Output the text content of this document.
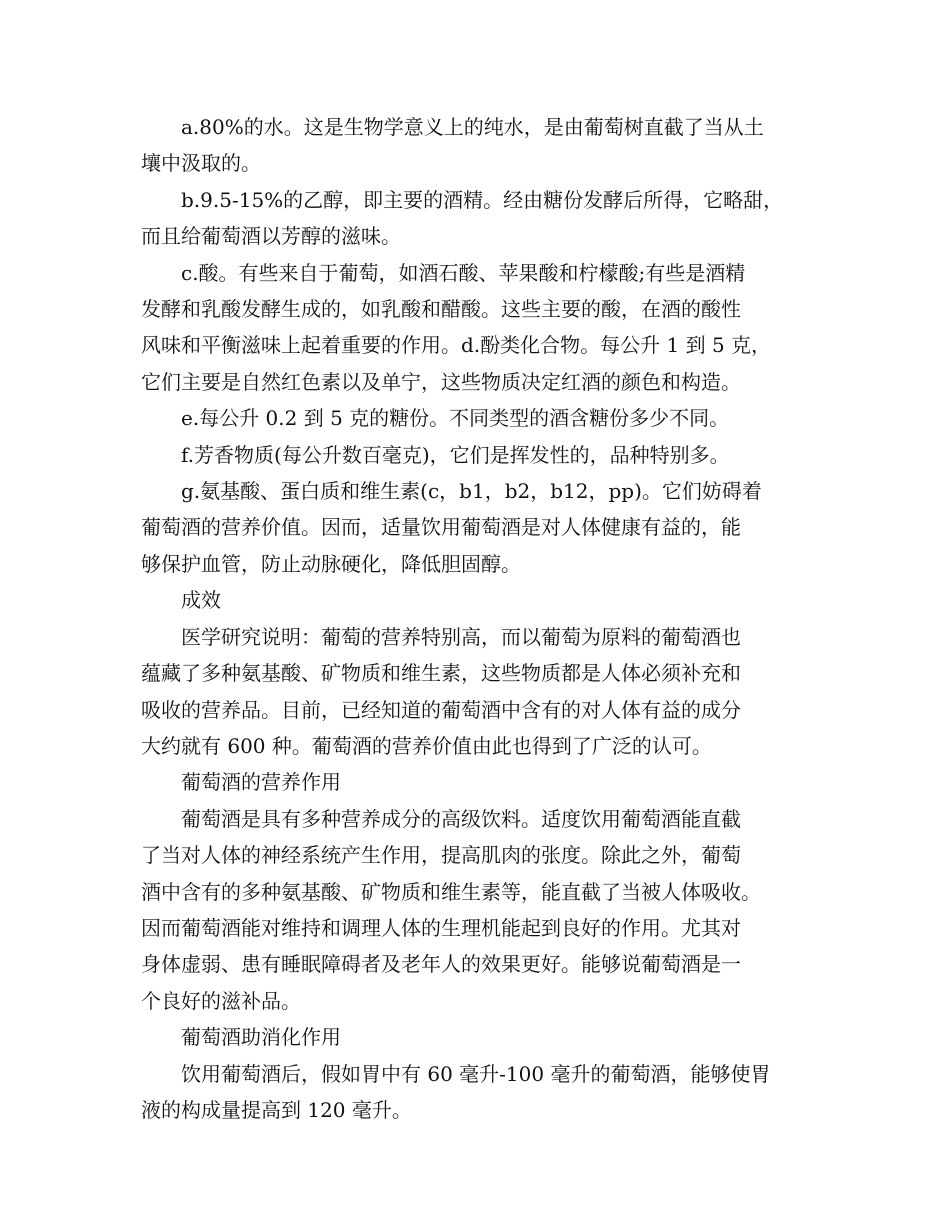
a.80%的水。这是生物学意义上的纯水，是由葡萄树直截了当从土
壤中汲取的。

b.9.5-15%的乙醇，即主要的酒精。经由糖份发酵后所得，它略甜，
而且给葡萄酒以芳醇的滋味。

c.酸。有些来自于葡萄，如酒石酸、苹果酸和柠檬酸;有些是酒精
发酵和乳酸发酵生成的，如乳酸和醋酸。这些主要的酸，在酒的酸性
风味和平衡滋味上起着重要的作用。d.酚类化合物。每公升 1 到 5 克，
它们主要是自然红色素以及单宁，这些物质决定红酒的颜色和构造。

e.每公升 0.2 到 5 克的糖份。不同类型的酒含糖份多少不同。

f.芳香物质(每公升数百毫克)，它们是挥发性的，品种特别多。

g.氨基酸、蛋白质和维生素(c，b1，b2，b12，pp)。它们妨碍着
葡萄酒的营养价值。因而，适量饮用葡萄酒是对人体健康有益的，能
够保护血管，防止动脉硬化，降低胆固醇。

成效

医学研究说明：葡萄的营养特别高，而以葡萄为原料的葡萄酒也
蕴藏了多种氨基酸、矿物质和维生素，这些物质都是人体必须补充和
吸收的营养品。目前，已经知道的葡萄酒中含有的对人体有益的成分
大约就有 600 种。葡萄酒的营养价值由此也得到了广泛的认可。

葡萄酒的营养作用

葡萄酒是具有多种营养成分的高级饮料。适度饮用葡萄酒能直截
了当对人体的神经系统产生作用，提高肌肉的张度。除此之外，葡萄
酒中含有的多种氨基酸、矿物质和维生素等，能直截了当被人体吸收。
因而葡萄酒能对维持和调理人体的生理机能起到良好的作用。尤其对
身体虚弱、患有睡眠障碍者及老年人的效果更好。能够说葡萄酒是一
个良好的滋补品。

葡萄酒助消化作用

饮用葡萄酒后，假如胃中有 60 毫升-100 毫升的葡萄酒，能够使胃
液的构成量提高到 120 毫升。
